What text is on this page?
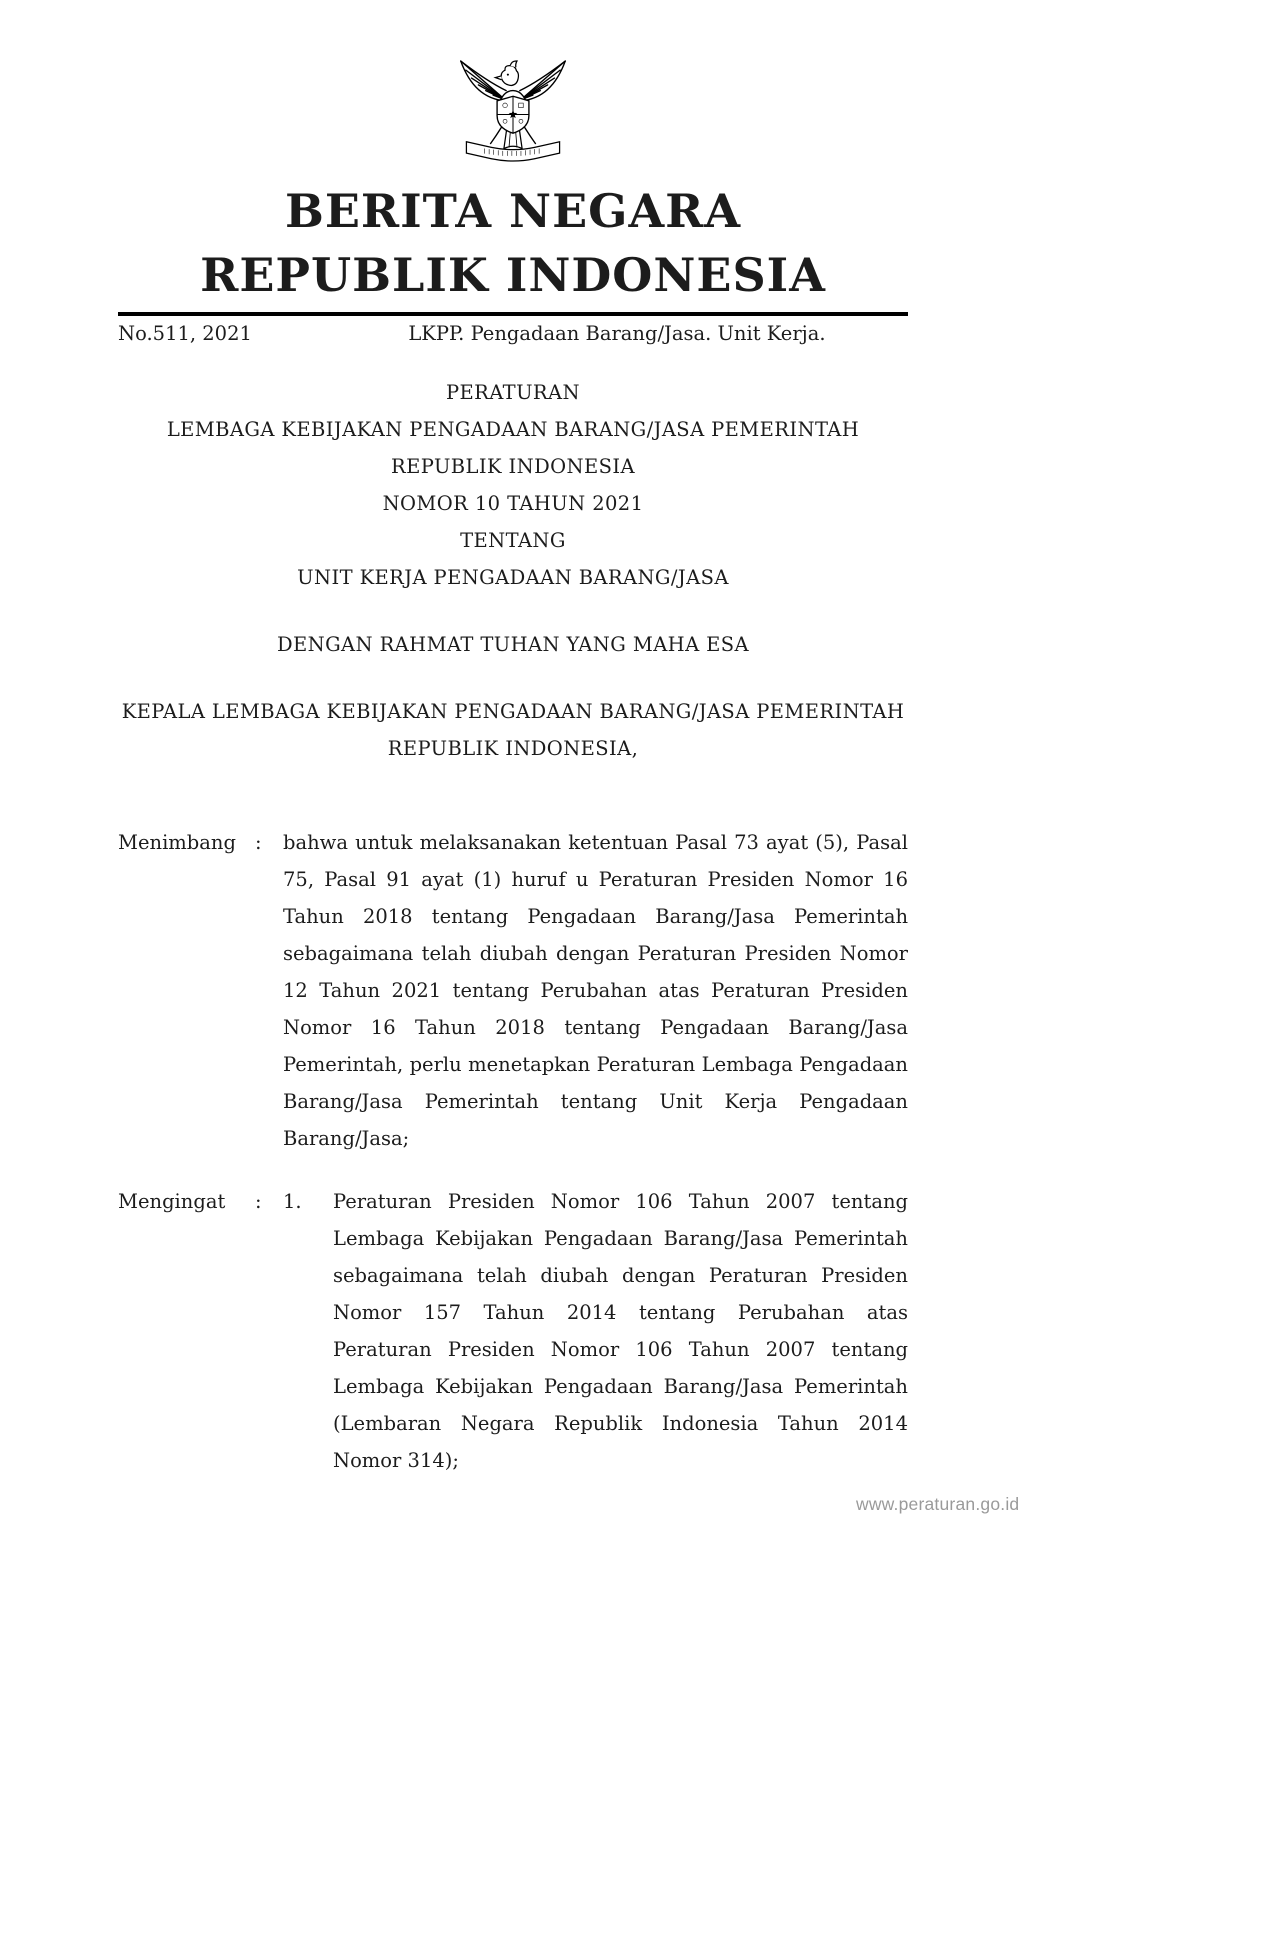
BERITA NEGARA
REPUBLIK INDONESIA
No.511, 2021	LKPP. Pengadaan Barang/Jasa. Unit Kerja.
PERATURAN
LEMBAGA KEBIJAKAN PENGADAAN BARANG/JASA PEMERINTAH
REPUBLIK INDONESIA
NOMOR 10 TAHUN 2021
TENTANG
UNIT KERJA PENGADAAN BARANG/JASA
DENGAN RAHMAT TUHAN YANG MAHA ESA
KEPALA LEMBAGA KEBIJAKAN PENGADAAN BARANG/JASA PEMERINTAH
REPUBLIK INDONESIA,
Menimbang :	bahwa untuk melaksanakan ketentuan Pasal 73 ayat (5), Pasal 75, Pasal 91 ayat (1) huruf u Peraturan Presiden Nomor 16 Tahun 2018 tentang Pengadaan Barang/Jasa Pemerintah sebagaimana telah diubah dengan Peraturan Presiden Nomor 12 Tahun 2021 tentang Perubahan atas Peraturan Presiden Nomor 16 Tahun 2018 tentang Pengadaan Barang/Jasa Pemerintah, perlu menetapkan Peraturan Lembaga Pengadaan Barang/Jasa Pemerintah tentang Unit Kerja Pengadaan Barang/Jasa;
Mengingat	:	1.	Peraturan Presiden Nomor 106 Tahun 2007 tentang Lembaga Kebijakan Pengadaan Barang/Jasa Pemerintah sebagaimana telah diubah dengan Peraturan Presiden Nomor 157 Tahun 2014 tentang Perubahan atas Peraturan Presiden Nomor 106 Tahun 2007 tentang Lembaga Kebijakan Pengadaan Barang/Jasa Pemerintah (Lembaran Negara Republik Indonesia Tahun 2014 Nomor 314);
www.peraturan.go.id
